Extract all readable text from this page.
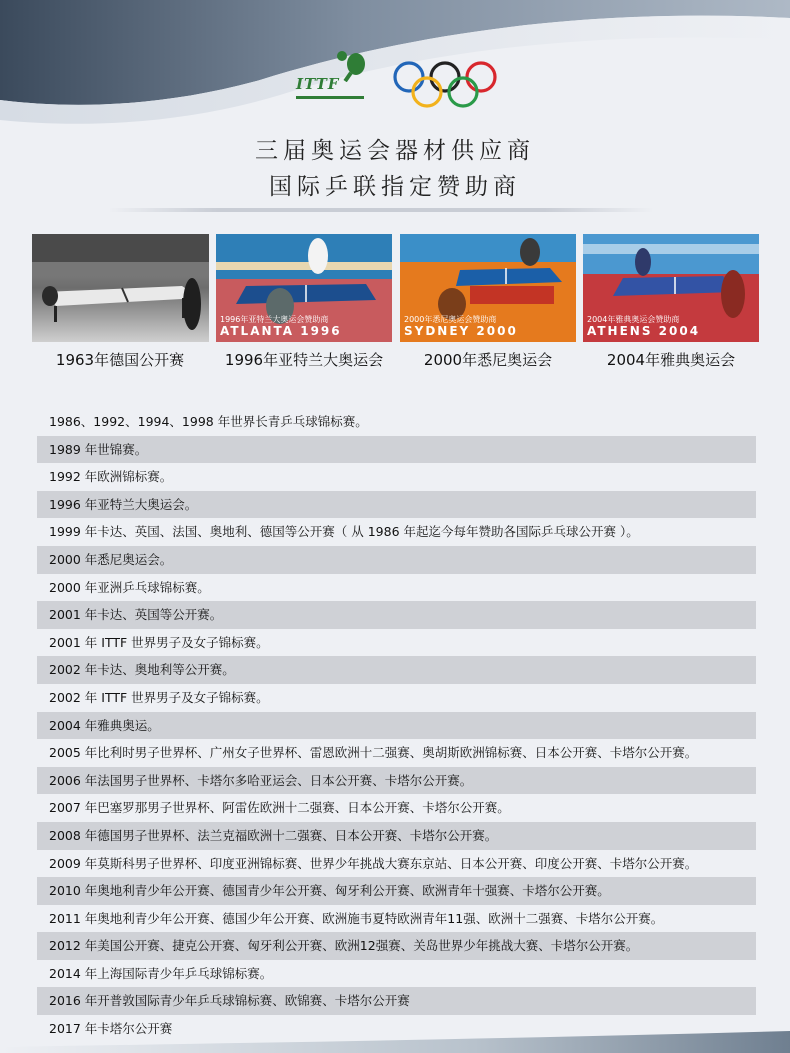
ITTF
三届奥运会器材供应商
国际乒联指定赞助商
1996年亚特兰大奥运会赞助商
ATLANTA 1996
2000年悉尼奥运会赞助商
SYDNEY 2000
2004年雅典奥运会赞助商
ATHENS 2004
1963年德国公开赛	1996年亚特兰大奥运会	2000年悉尼奥运会	2004年雅典奥运会
1986、1992、1994、1998 年世界长青乒乓球锦标赛。
1989 年世锦赛。
1992 年欧洲锦标赛。
1996 年亚特兰大奥运会。
1999 年卡达、英国、法国、奥地利、德国等公开赛（ 从 1986 年起迄今每年赞助各国际乒乓球公开赛 ）。
2000 年悉尼奥运会。
2000 年亚洲乒乓球锦标赛。
2001 年卡达、英国等公开赛。
2001 年 ITTF 世界男子及女子锦标赛。
2002 年卡达、奥地利等公开赛。
2002 年 ITTF 世界男子及女子锦标赛。
2004 年雅典奥运。
2005 年比利时男子世界杯、广州女子世界杯、雷恩欧洲十二强赛、奥胡斯欧洲锦标赛、日本公开赛、卡塔尔公开赛。
2006 年法国男子世界杯、卡塔尔多哈亚运会、日本公开赛、卡塔尔公开赛。
2007 年巴塞罗那男子世界杯、阿雷佐欧洲十二强赛、日本公开赛、卡塔尔公开赛。
2008 年德国男子世界杯、法兰克福欧洲十二强赛、日本公开赛、卡塔尔公开赛。
2009 年莫斯科男子世界杯、印度亚洲锦标赛、世界少年挑战大赛东京站、日本公开赛、印度公开赛、卡塔尔公开赛。
2010 年奥地利青少年公开赛、德国青少年公开赛、匈牙利公开赛、欧洲青年十强赛、卡塔尔公开赛。
2011 年奥地利青少年公开赛、德国少年公开赛、欧洲施韦夏特欧洲青年11强、欧洲十二强赛、卡塔尔公开赛。
2012 年美国公开赛、捷克公开赛、匈牙利公开赛、欧洲12强赛、关岛世界少年挑战大赛、卡塔尔公开赛。
2014 年上海国际青少年乒乓球锦标赛。
2016 年开普敦国际青少年乒乓球锦标赛、欧锦赛、卡塔尔公开赛
2017 年卡塔尔公开赛
